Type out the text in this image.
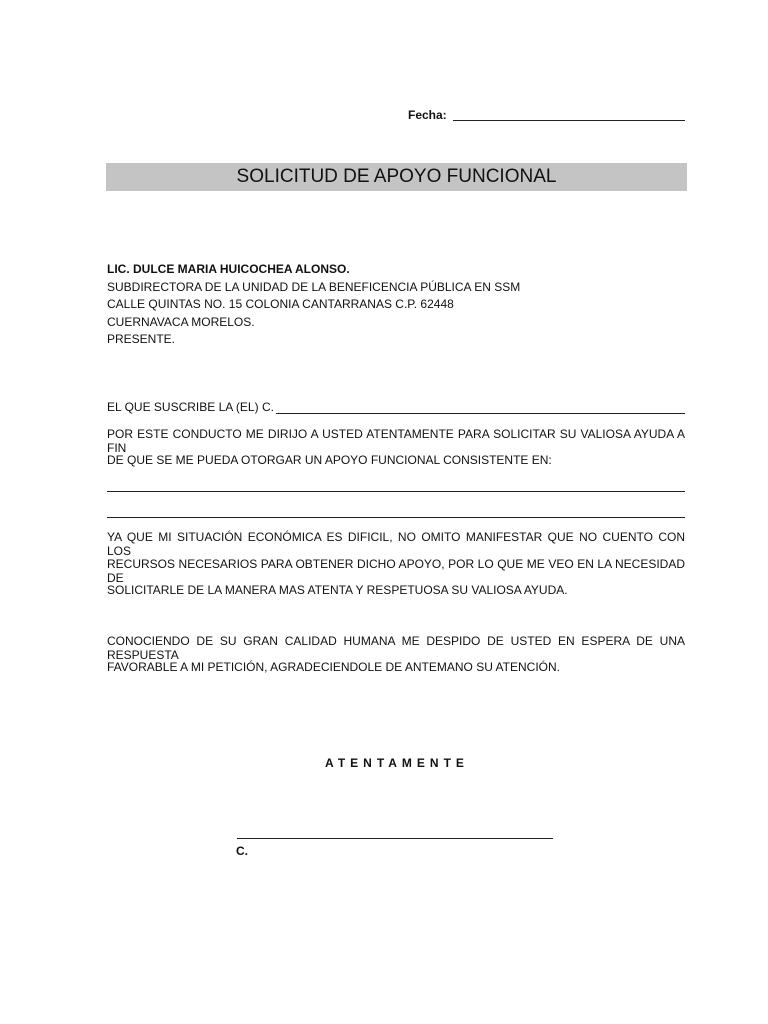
Fecha:
SOLICITUD DE APOYO FUNCIONAL
LIC. DULCE MARIA HUICOCHEA ALONSO.
SUBDIRECTORA DE LA UNIDAD DE LA BENEFICENCIA PÚBLICA EN SSM
CALLE QUINTAS NO. 15 COLONIA CANTARRANAS C.P. 62448
CUERNAVACA MORELOS.
PRESENTE.
EL QUE SUSCRIBE LA (EL) C.
POR ESTE CONDUCTO ME DIRIJO A USTED ATENTAMENTE PARA SOLICITAR SU VALIOSA AYUDA A FIN
DE QUE SE ME PUEDA OTORGAR UN APOYO FUNCIONAL CONSISTENTE EN:
YA QUE MI SITUACIÓN ECONÓMICA ES DIFICIL, NO OMITO MANIFESTAR QUE NO CUENTO CON LOS
RECURSOS NECESARIOS PARA OBTENER DICHO APOYO, POR LO QUE ME VEO EN LA NECESIDAD DE
SOLICITARLE DE LA MANERA MAS ATENTA Y RESPETUOSA SU VALIOSA AYUDA.
CONOCIENDO DE SU GRAN CALIDAD HUMANA ME DESPIDO DE USTED EN ESPERA DE UNA RESPUESTA
FAVORABLE A MI PETICIÓN, AGRADECIENDOLE DE ANTEMANO SU ATENCIÓN.
ATENTAMENTE
C.
